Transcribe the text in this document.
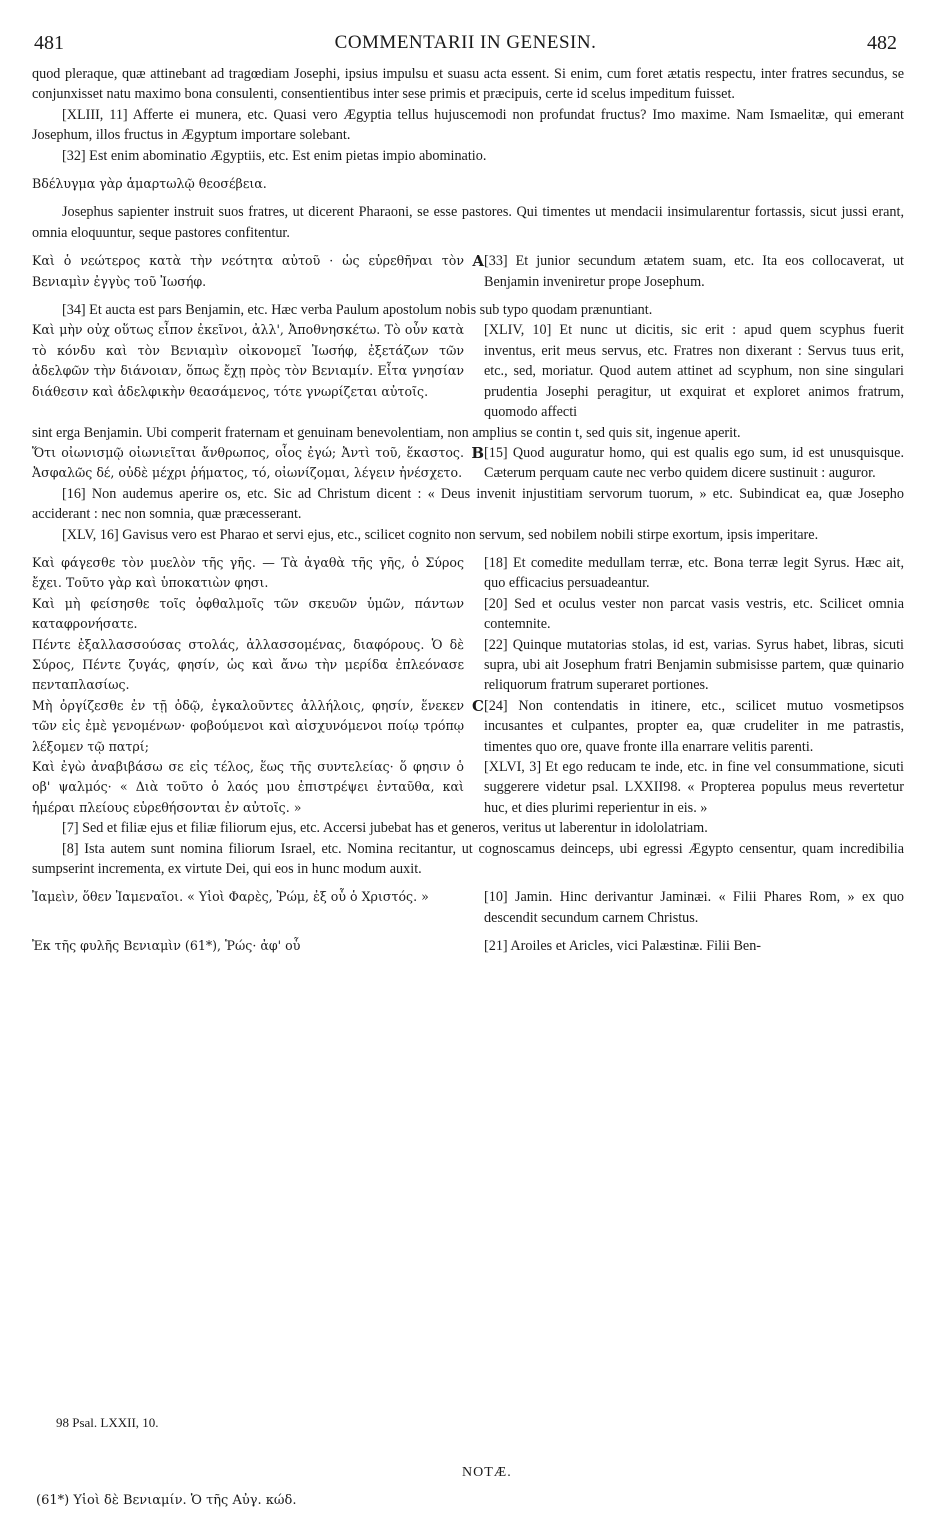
481	COMMENTARII IN GENESIN.	482

quod pleraque, quæ attinebant ad tragœdiam Josephi, ipsius impulsu et suasu acta essent. Si enim, cum foret ætatis respectu, inter fratres secundus, se conjunxisset natu maximo bona consulenti, consentientibus inter sese primis et præcipuis, certe id scelus impeditum fuisset.

[XLIII, 11] Afferte ei munera, etc. Quasi vero Ægyptia tellus hujuscemodi non profundat fructus? Imo maxime. Nam Ismaelitæ, qui emerant Josephum, illos fructus in Ægyptum importare solebant.

[32] Est enim abominatio Ægyptiis, etc. Est enim pietas impio abominatio.

Βδέλυγμα γὰρ ἁμαρτωλῷ θεοσέβεια.

Josephus sapienter instruit suos fratres, ut dicerent Pharaoni, se esse pastores. Qui timentes ut mendacii insimularentur fortassis, sicut jussi erant, omnia eloquuntur, seque pastores confitentur.

Καὶ ὁ νεώτερος κατὰ τὴν νεότητα αὐτοῦ · ὡς εὑρεθῆναι τὸν Βενιαμὶν ἐγγὺς τοῦ Ἰωσήφ.
A [33] Et junior secundum ætatem suam, etc. Ita eos collocaverat, ut Benjamin inveniretur prope Josephum.

[34] Et aucta est pars Benjamin, etc. Hæc verba Paulum apostolum nobis sub typo quodam prænuntiant.

Καὶ μὴν οὐχ οὕτως εἶπον ἐκεῖνοι, ἀλλ', Ἀποθνησκέτω. Τὸ οὖν κατὰ τὸ κόνδυ καὶ τὸν Βενιαμὶν οἰκονομεῖ Ἰωσήφ, ἐξετάζων τῶν ἀδελφῶν τὴν διάνοιαν, ὅπως ἔχῃ πρὸς τὸν Βενιαμίν. Εἶτα γνησίαν διάθεσιν καὶ ἀδελφικὴν θεασάμενος, τότε γνωρίζεται αὐτοῖς.
[XLIV, 10] Et nunc ut dicitis, sic erit : apud quem scyphus fuerit inventus, erit meus servus, etc. Fratres non dixerant : Servus tuus erit, etc., sed, moriatur. Quod autem attinet ad scyphum, non sine singulari prudentia Josephi peragitur, ut exquirat et exploret animos fratrum, quomodo affecti

sint erga Benjamin. Ubi comperit fraternam et genuinam benevolentiam, non amplius se contin t, sed quis sit, ingenue aperit.

Ὅτι οἰωνισμῷ οἰωνιεῖται ἄνθρωπος, οἷος ἐγώ; Ἀντὶ τοῦ, ἕκαστος. Ἀσφαλῶς δέ, οὐδὲ μέχρι ῥήματος, τό, οἰωνίζομαι, λέγειν ἠνέσχετο.
B [15] Quod auguratur homo, qui est qualis ego sum, id est unusquisque. Cæterum perquam caute nec verbo quidem dicere sustinuit : auguror.

[16] Non audemus aperire os, etc. Sic ad Christum dicent : « Deus invenit injustitiam servorum tuorum, » etc. Subindicat ea, quæ Josepho acciderant : nec non somnia, quæ præcesserant.

[XLV, 16] Gavisus vero est Pharao et servi ejus, etc., scilicet cognito non servum, sed nobilem nobili stirpe exortum, ipsis imperitare.

Καὶ φάγεσθε τὸν μυελὸν τῆς γῆς. — Τὰ ἀγαθὰ τῆς γῆς, ὁ Σύρος ἔχει. Τοῦτο γὰρ καὶ ὑποκατιὼν φησι.
[18] Et comedite medullam terræ, etc. Bona terræ legit Syrus. Hæc ait, quo efficacius persuadeantur.
Καὶ μὴ φείσησθε τοῖς ὀφθαλμοῖς τῶν σκευῶν ὑμῶν, πάντων καταφρονήσατε.
[20] Sed et oculus vester non parcat vasis vestris, etc. Scilicet omnia contemnite.
Πέντε ἐξαλλασσούσας στολάς, ἀλλασσομένας, διαφόρους. Ὁ δὲ Σύρος, Πέντε ζυγάς, φησίν, ὡς καὶ ἄνω τὴν μερίδα ἐπλεόνασε πενταπλασίως.
[22] Quinque mutatorias stolas, id est, varias. Syrus habet, libras, sicuti supra, ubi ait Josephum fratri Benjamin submisisse partem, quæ quinario reliquorum fratrum superaret portiones.
Μὴ ὀργίζεσθε ἐν τῇ ὁδῷ, ἐγκαλοῦντες ἀλλήλοις, φησίν, ἕνεκεν τῶν εἰς ἐμὲ γενομένων· φοβούμενοι καὶ αἰσχυνόμενοι ποίῳ τρόπῳ λέξομεν τῷ πατρί;
C [24] Non contendatis in itinere, etc., scilicet mutuo vosmetipsos incusantes et culpantes, propter ea, quæ crudeliter in me patrastis, timentes quo ore, quave fronte illa enarrare velitis parenti.
Καὶ ἐγὼ ἀναβιβάσω σε εἰς τέλος, ἕως τῆς συντελείας· ὅ φησιν ὁ οβ' ψαλμός· « Διὰ τοῦτο ὁ λαός μου ἐπιστρέψει ἐνταῦθα, καὶ ἡμέραι πλείους εὑρεθήσονται ἐν αὐτοῖς. »
[XLVI, 3] Et ego reducam te inde, etc. in fine vel consummatione, sicuti suggerere videtur psal. LXXII98. « Propterea populus meus revertetur huc, et dies plurimi reperientur in eis. »

[7] Sed et filiæ ejus et filiæ filiorum ejus, etc. Accersi jubebat has et generos, veritus ut laberentur in idololatriam.

[8] Ista autem sunt nomina filiorum Israel, etc. Nomina recitantur, ut cognoscamus deinceps, ubi egressi Ægypto censentur, quam incredibilia sumpserint incrementa, ex virtute Dei, qui eos in hunc modum auxit.

Ἰαμεὶν, ὅθεν Ἰαμεναῖοι. « Υἱοὶ Φαρὲς, Ῥώμ, ἐξ οὗ ὁ Χριστός. »	[10] Jamin. Hinc derivantur Jaminæi. « Filii Phares Rom, » ex quo descendit secundum carnem Christus.
Ἐκ τῆς φυλῆς Βενιαμὶν (61*), Ῥώς· ἀφ' οὗ	[21] Aroiles et Aricles, vici Palæstinæ. Filii Ben-
98 Psal. LXXII, 10.
NOTÆ.
(61*) Υἱοὶ δὲ Βενιαμίν. Ὁ τῆς Αὐγ. κώδ.
